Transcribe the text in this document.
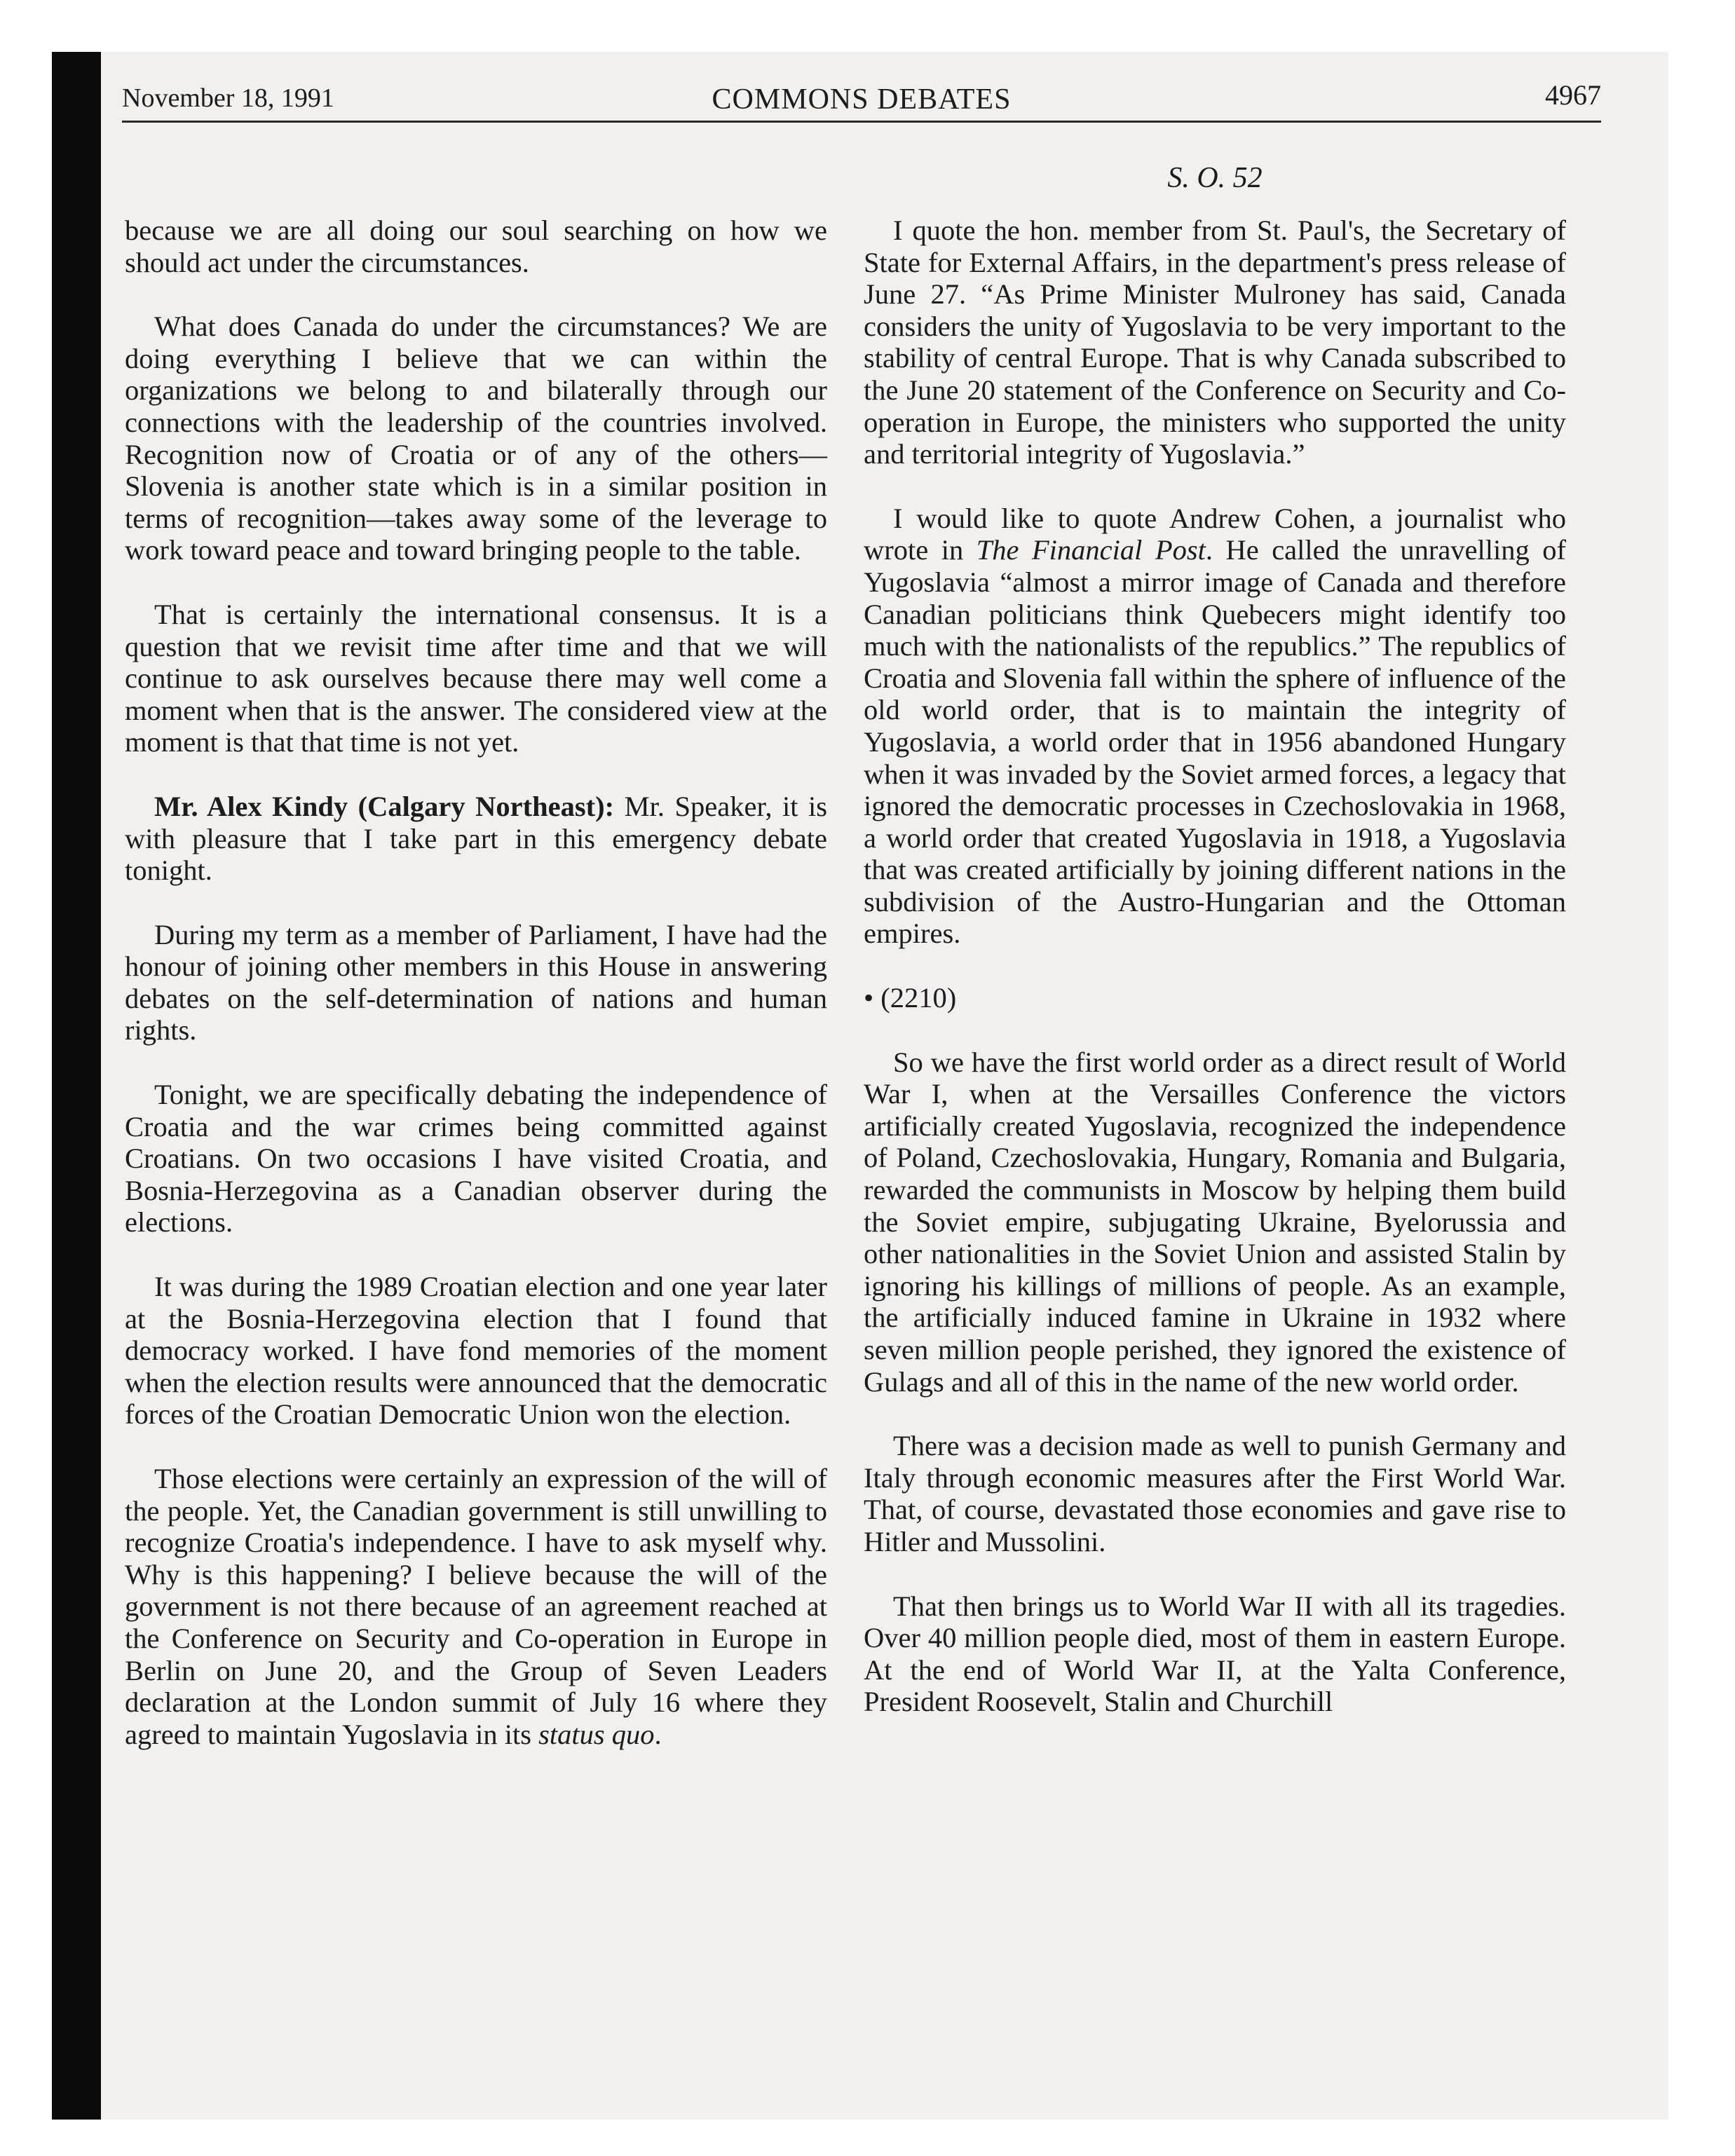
November 18, 1991	COMMONS DEBATES	4967

because we are all doing our soul searching on how we should act under the circumstances.

What does Canada do under the circumstances? We are doing everything I believe that we can within the organizations we belong to and bilaterally through our connections with the leadership of the countries involved. Recognition now of Croatia or of any of the others—Slovenia is another state which is in a similar position in terms of recognition—takes away some of the leverage to work toward peace and toward bringing people to the table.

That is certainly the international consensus. It is a question that we revisit time after time and that we will continue to ask ourselves because there may well come a moment when that is the answer. The considered view at the moment is that that time is not yet.

Mr. Alex Kindy (Calgary Northeast): Mr. Speaker, it is with pleasure that I take part in this emergency debate tonight.

During my term as a member of Parliament, I have had the honour of joining other members in this House in answering debates on the self-determination of nations and human rights.

Tonight, we are specifically debating the independence of Croatia and the war crimes being committed against Croatians. On two occasions I have visited Croatia, and Bosnia-Herzegovina as a Canadian observer during the elections.

It was during the 1989 Croatian election and one year later at the Bosnia-Herzegovina election that I found that democracy worked. I have fond memories of the moment when the election results were announced that the democratic forces of the Croatian Democratic Union won the election.

Those elections were certainly an expression of the will of the people. Yet, the Canadian government is still unwilling to recognize Croatia's independence. I have to ask myself why. Why is this happening? I believe because the will of the government is not there because of an agreement reached at the Conference on Security and Co-operation in Europe in Berlin on June 20, and the Group of Seven Leaders declaration at the London summit of July 16 where they agreed to maintain Yugoslavia in its status quo.

S. O. 52

I quote the hon. member from St. Paul's, the Secretary of State for External Affairs, in the department's press release of June 27. “As Prime Minister Mulroney has said, Canada considers the unity of Yugoslavia to be very important to the stability of central Europe. That is why Canada subscribed to the June 20 statement of the Conference on Security and Co-operation in Europe, the ministers who supported the unity and territorial integrity of Yugoslavia.”

I would like to quote Andrew Cohen, a journalist who wrote in The Financial Post. He called the unravelling of Yugoslavia “almost a mirror image of Canada and therefore Canadian politicians think Quebecers might identify too much with the nationalists of the republics.” The republics of Croatia and Slovenia fall within the sphere of influence of the old world order, that is to maintain the integrity of Yugoslavia, a world order that in 1956 abandoned Hungary when it was invaded by the Soviet armed forces, a legacy that ignored the democratic processes in Czechoslovakia in 1968, a world order that created Yugoslavia in 1918, a Yugoslavia that was created artificially by joining different nations in the subdivision of the Austro-Hungarian and the Ottoman empires.

• (2210)

So we have the first world order as a direct result of World War I, when at the Versailles Conference the victors artificially created Yugoslavia, recognized the independence of Poland, Czechoslovakia, Hungary, Romania and Bulgaria, rewarded the communists in Moscow by helping them build the Soviet empire, subjugating Ukraine, Byelorussia and other nationalities in the Soviet Union and assisted Stalin by ignoring his killings of millions of people. As an example, the artificially induced famine in Ukraine in 1932 where seven million people perished, they ignored the existence of Gulags and all of this in the name of the new world order.

There was a decision made as well to punish Germany and Italy through economic measures after the First World War. That, of course, devastated those economies and gave rise to Hitler and Mussolini.

That then brings us to World War II with all its tragedies. Over 40 million people died, most of them in eastern Europe. At the end of World War II, at the Yalta Conference, President Roosevelt, Stalin and Churchill
